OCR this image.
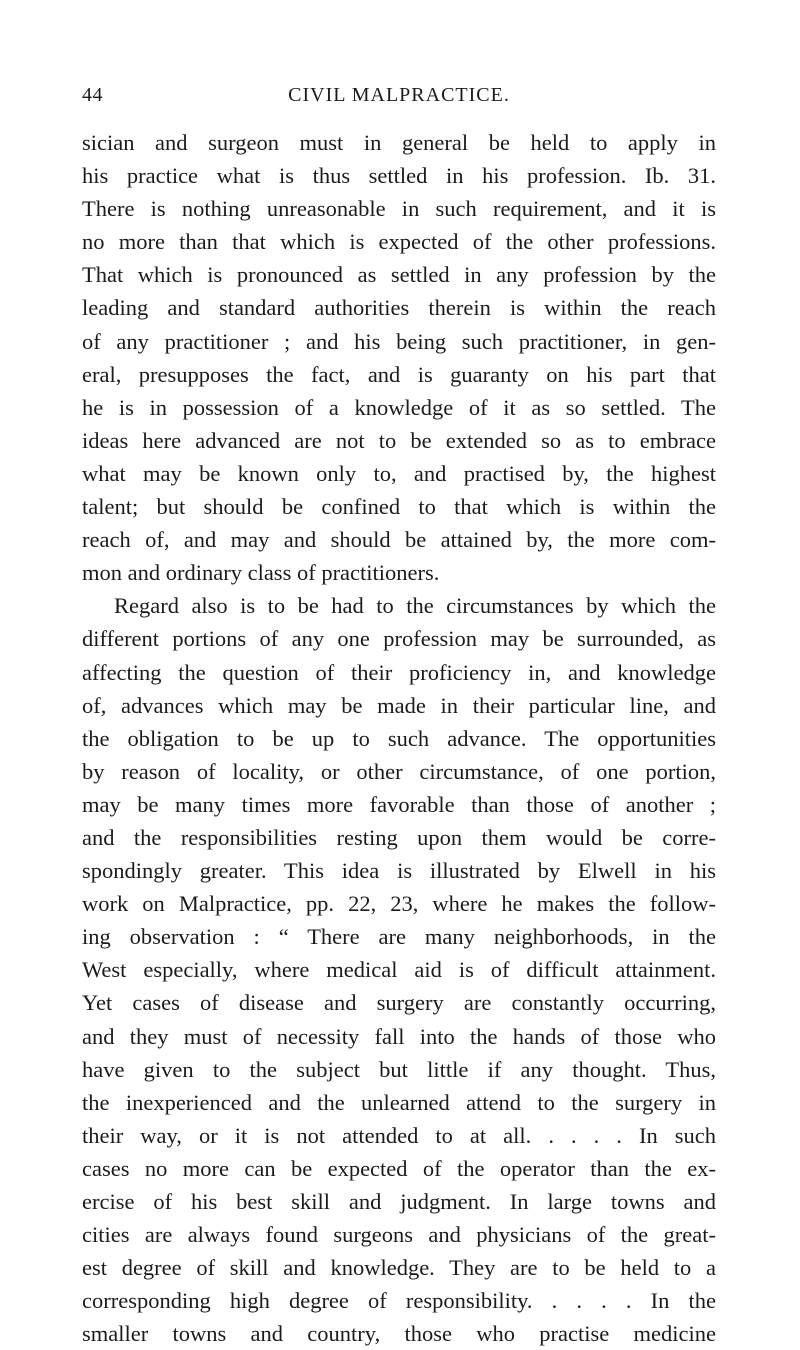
44	CIVIL MALPRACTICE.
sician and surgeon must in general be held to apply in
his practice what is thus settled in his profession. Ib. 31.
There is nothing unreasonable in such requirement, and it is
no more than that which is expected of the other professions.
That which is pronounced as settled in any profession by the
leading and standard authorities therein is within the reach
of any practitioner ; and his being such practitioner, in gen-
eral, presupposes the fact, and is guaranty on his part that
he is in possession of a knowledge of it as so settled. The
ideas here advanced are not to be extended so as to embrace
what may be known only to, and practised by, the highest
talent; but should be confined to that which is within the
reach of, and may and should be attained by, the more com-
mon and ordinary class of practitioners.
Regard also is to be had to the circumstances by which the
different portions of any one profession may be surrounded, as
affecting the question of their proficiency in, and knowledge
of, advances which may be made in their particular line, and
the obligation to be up to such advance. The opportunities
by reason of locality, or other circumstance, of one portion,
may be many times more favorable than those of another ;
and the responsibilities resting upon them would be corre-
spondingly greater. This idea is illustrated by Elwell in his
work on Malpractice, pp. 22, 23, where he makes the follow-
ing observation : “ There are many neighborhoods, in the
West especially, where medical aid is of difficult attainment.
Yet cases of disease and surgery are constantly occurring,
and they must of necessity fall into the hands of those who
have given to the subject but little if any thought. Thus,
the inexperienced and the unlearned attend to the surgery in
their way, or it is not attended to at all. . . . . In such
cases no more can be expected of the operator than the ex-
ercise of his best skill and judgment. In large towns and
cities are always found surgeons and physicians of the great-
est degree of skill and knowledge. They are to be held to a
corresponding high degree of responsibility. . . . . In the
smaller towns and country, those who practise medicine
